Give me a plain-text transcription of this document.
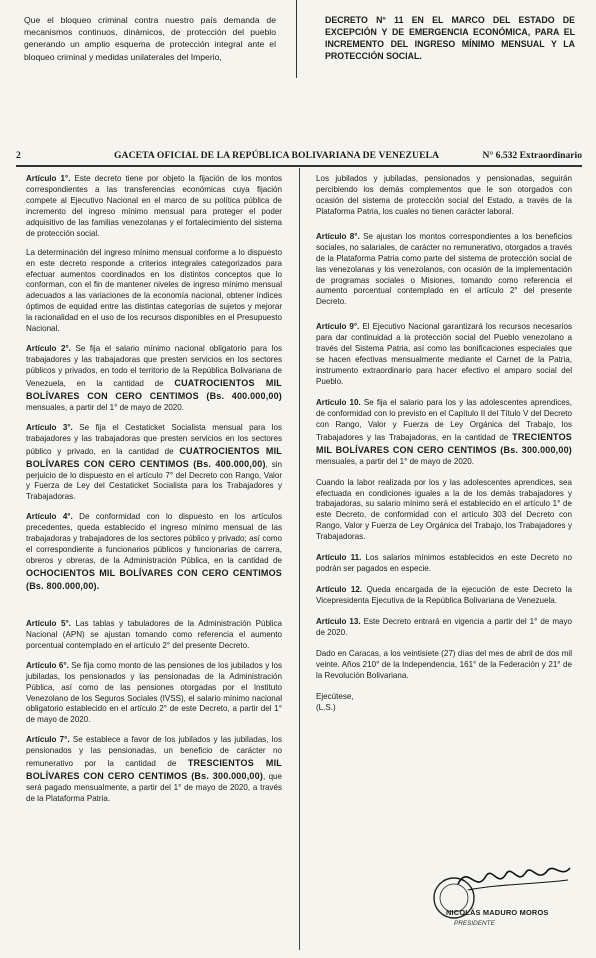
Que el bloqueo criminal contra nuestro país demanda de mecanismos continuos, dinámicos, de protección del pueblo generando un amplio esquema de protección integral ante el bloqueo criminal y medidas unilaterales del Imperio,
DECRETO N° 11 EN EL MARCO DEL ESTADO DE EXCEPCIÓN Y DE EMERGENCIA ECONÓMICA, PARA EL INCREMENTO DEL INGRESO MÍNIMO MENSUAL Y LA PROTECCIÓN SOCIAL.
2	GACETA OFICIAL DE LA REPÚBLICA BOLIVARIANA DE VENEZUELA	N° 6.532 Extraordinario

Artículo 1°. Este decreto tiene por objeto la fijación de los montos correspondientes a las transferencias económicas cuya fijación compete al Ejecutivo Nacional en el marco de su política pública de incremento del ingreso mínimo mensual para proteger el poder adquisitivo de las familias venezolanas y el fortalecimiento del sistema de protección social.

La determinación del ingreso mínimo mensual conforme a lo dispuesto en este decreto responde a criterios integrales categorizados para efectuar aumentos coordinados en los distintos conceptos que lo conforman, con el fin de mantener niveles de ingreso mínimo mensual adecuados a las variaciones de la economía nacional, obtener índices óptimos de equidad entre las distintas categorías de sujetos y mejorar la racionalidad en el uso de los recursos disponibles en el Presupuesto Nacional.

Artículo 2°. Se fija el salario mínimo nacional obligatorio para los trabajadores y las trabajadoras que presten servicios en los sectores públicos y privados, en todo el territorio de la República Bolivariana de Venezuela, en la cantidad de CUATROCIENTOS MIL BOLÍVARES CON CERO CENTIMOS (Bs. 400.000,00) mensuales, a partir del 1° de mayo de 2020.

Artículo 3°. Se fija el Cestaticket Socialista mensual para los trabajadores y las trabajadoras que presten servicios en los sectores público y privado, en la cantidad de CUATROCIENTOS MIL BOLÍVARES CON CERO CENTIMOS (Bs. 400.000,00), sin perjuicio de lo dispuesto en el artículo 7° del Decreto con Rango, Valor y Fuerza de Ley del Cestaticket Socialista para los Trabajadores y Trabajadoras.

Artículo 4°. De conformidad con lo dispuesto en los artículos precedentes, queda establecido el ingreso mínimo mensual de las trabajadoras y trabajadores de los sectores público y privado; así como el correspondiente a funcionarios públicos y funcionarias de carrera, obreros y obreras, de la Administración Pública, en la cantidad de OCHOCIENTOS MIL BOLÍVARES CON CERO CENTIMOS (Bs. 800.000,00).

Artículo 5°. Las tablas y tabuladores de la Administración Pública Nacional (APN) se ajustan tomando como referencia el aumento porcentual contemplado en el artículo 2° del presente Decreto.

Artículo 6°. Se fija como monto de las pensiones de los jubilados y los jubiladas, los pensionados y las pensionadas de la Administración Pública, así como de las pensiones otorgadas por el Instituto Venezolano de los Seguros Sociales (IVSS), el salario mínimo nacional obligatorio establecido en el artículo 2° de este Decreto, a partir del 1° de mayo de 2020.

Artículo 7°. Se establece a favor de los jubilados y las jubiladas, los pensionados y las pensionadas, un beneficio de carácter no remunerativo por la cantidad de TRESCIENTOS MIL BOLÍVARES CON CERO CENTIMOS (Bs. 300.000,00), que será pagado mensualmente, a partir del 1° de mayo de 2020, a través de la Plataforma Patria.

Los jubilados y jubiladas, pensionados y pensionadas, seguirán percibiendo los demás complementos que le son otorgados con ocasión del sistema de protección social del Estado, a través de la Plataforma Patria, los cuales no tienen carácter laboral.

Artículo 8°. Se ajustan los montos correspondientes a los beneficios sociales, no salariales, de carácter no remunerativo, otorgados a través de la Plataforma Patria como parte del sistema de protección social de las venezolanas y los venezolanos, con ocasión de la implementación de programas sociales o Misiones, tomando como referencia el aumento porcentual contemplado en el artículo 2° del presente Decreto.

Artículo 9°. El Ejecutivo Nacional garantizará los recursos necesarios para dar continuidad a la protección social del Pueblo venezolano a través del Sistema Patria, así como las bonificaciones especiales que se hacen efectivas mensualmente mediante el Carnet de la Patria, instrumento extraordinario para hacer efectivo el amparo social del Pueblo.

Artículo 10. Se fija el salario para los y las adolescentes aprendices, de conformidad con lo previsto en el Capítulo II del Título V del Decreto con Rango, Valor y Fuerza de Ley Orgánica del Trabajo, los Trabajadores y las Trabajadoras, en la cantidad de TRECIENTOS MIL BOLÍVARES CON CERO CENTIMOS (Bs. 300.000,00) mensuales, a partir del 1° de mayo de 2020.

Cuando la labor realizada por los y las adolescentes aprendices, sea efectuada en condiciones iguales a la de los demás trabajadores y trabajadoras, su salario mínimo será el establecido en el artículo 1° de este Decreto, de conformidad con el artículo 303 del Decreto con Rango, Valor y Fuerza de Ley Orgánica del Trabajo, los Trabajadores y Trabajadoras.

Artículo 11. Los salarios mínimos establecidos en este Decreto no podrán ser pagados en especie.

Artículo 12. Queda encargada de la ejecución de este Decreto la Vicepresidenta Ejecutiva de la República Bolivariana de Venezuela.

Artículo 13. Este Decreto entrará en vigencia a partir del 1° de mayo de 2020.

Dado en Caracas, a los veintisiete (27) días del mes de abril de dos mil veinte. Años 210° de la Independencia, 161° de la Federación y 21° de la Revolución Bolivariana.

Ejecútese,

(L.S.)

NICOLÁS MADURO MOROS
PRESIDENTE
